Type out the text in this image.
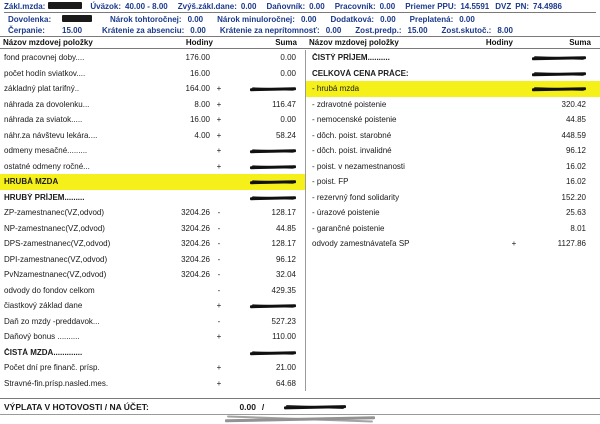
Zákl.mzda:	Úväzok: 40.00 - 8.00 Zvýš.zákl.dane: 0.00 Daňovník: 0.00 Pracovník: 0.00 Priemer PPU: 14.5591 DVZ PN: 74.4986
Dovolenka:	Nárok tohtoročnej: 0.00 Nárok minuloročnej: 0.00 Dodatková: 0.00 Preplatená: 0.00
Čerpanie:	15.00	Krátenie za absenciu: 0.00 Krátenie za neprítomnosť: 0.00 Zost.predp.: 15.00 Zost.skutoč.: 8.00
Názov mzdovej položky	Hodiny	Suma	Názov mzdovej položky	Hodiny	Suma
fond pracovnej doby....	176.00	0.00
počet hodín sviatkov....	16.00	0.00
základný plat tarifný..	164.00 +
náhrada za dovolenku...	8.00 +	116.47
náhrada za sviatok.....	16.00 +	0.00
náhr.za návštevu lekára....	4.00 +	58.24
odmeny mesačné.........	+
ostatné odmeny ročné...	+
HRUBÁ MZDA
HRUBÝ PRÍJEM.........
ZP-zamestnanec(VZ,odvod)	3204.26 -	128.17
NP-zamestnanec(VZ,odvod)	3204.26 -	44.85
DPS-zamestnanec(VZ,odvod)	3204.26 -	128.17
DPI-zamestnanec(VZ,odvod)	3204.26 -	96.12
PvNzamestnanec(VZ,odvod)	3204.26 -	32.04
odvody do fondov celkom	-	429.35
čiastkový základ dane	+
Daň zo mzdy -preddavok...	-	527.23
Daňový bonus ..........	+	110.00
ČISTÁ MZDA.............
Počet dní pre finanč. prísp.	+	21.00
Stravné-fin.prísp.nasled.mes.	+	64.68
ČISTÝ PRÍJEM..........
CELKOVÁ CENA PRÁCE:
- hrubá mzda
- zdravotné poistenie	320.42
- nemocenské poistenie	44.85
- dôch. poist. starobné	448.59
- dôch. poist. invalidné	96.12
- poist. v nezamestnanosti	16.02
- poist. FP	16.02
- rezervný fond solidarity	152.20
- úrazové poistenie	25.63
- garančné poistenie	8.01
odvody zamestnávateľa SP	+	1127.86
VÝPLATA V HOTOVOSTI / NA ÚČET:	0.00 /
